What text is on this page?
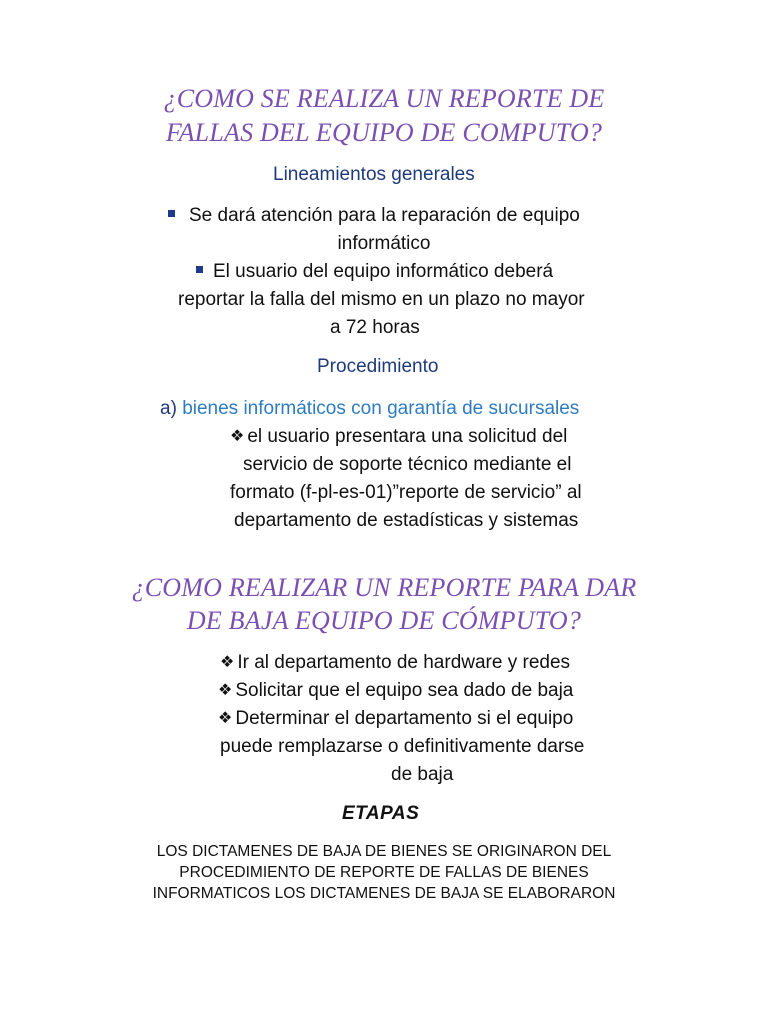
¿COMO SE REALIZA UN REPORTE DE
FALLAS DEL EQUIPO DE COMPUTO?
Lineamientos generales
Se dará atención para la reparación de equipo
informático
El usuario del equipo informático deberá
reportar la falla del mismo en un plazo no mayor
a 72 horas
Procedimiento
a) bienes informáticos con garantía de sucursales
❖ el usuario presentara una solicitud del
servicio de soporte técnico mediante el
formato (f-pl-es-01)”reporte de servicio” al
departamento de estadísticas y sistemas
¿COMO REALIZAR UN REPORTE PARA DAR
DE BAJA EQUIPO DE CÓMPUTO?
❖ Ir al departamento de hardware y redes
❖ Solicitar que el equipo sea dado de baja
❖ Determinar el departamento si el equipo
puede remplazarse o definitivamente darse
de baja
ETAPAS
LOS DICTAMENES DE BAJA DE BIENES SE ORIGINARON DEL
PROCEDIMIENTO DE REPORTE DE FALLAS DE BIENES
INFORMATICOS LOS DICTAMENES DE BAJA SE ELABORARON
